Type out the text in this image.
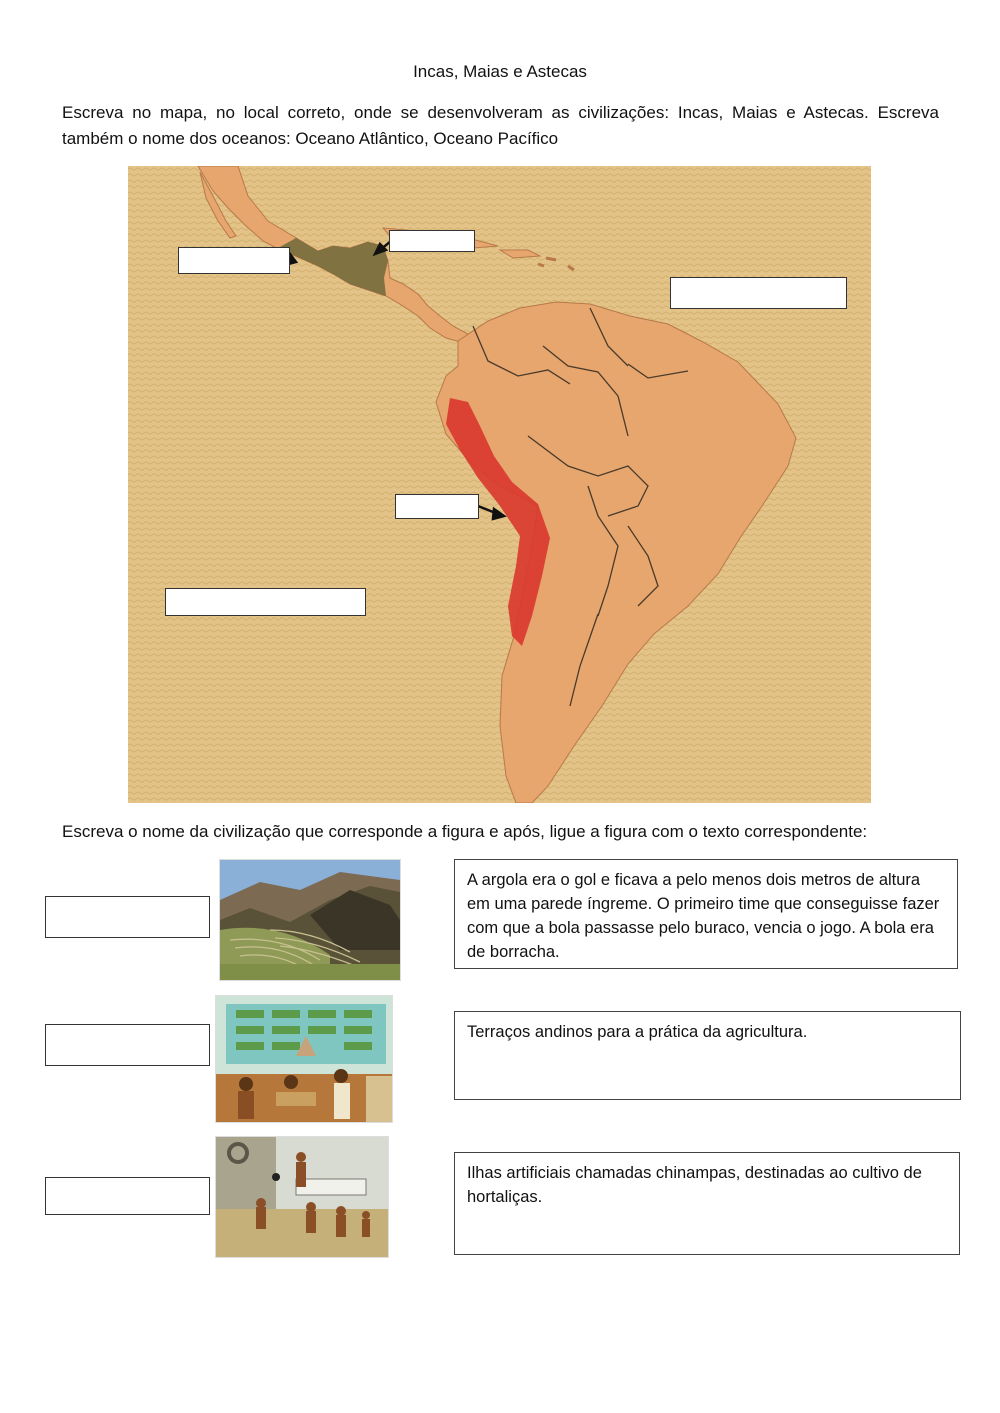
Incas, Maias e Astecas

Escreva no mapa, no local correto, onde se desenvolveram as civilizações: Incas, Maias e Astecas. Escreva também o nome dos oceanos: Oceano Atlântico, Oceano Pacífico

Escreva o nome da civilização que corresponde a figura e após, ligue a figura com o texto correspondente:

A argola era o gol e ficava a pelo menos dois metros de altura em uma parede íngreme. O primeiro time que conseguisse fazer com que a bola passasse pelo buraco, vencia o jogo. A bola era de borracha.
Terraços andinos para a prática da agricultura.
Ilhas artificiais chamadas chinampas, destinadas ao cultivo de hortaliças.
